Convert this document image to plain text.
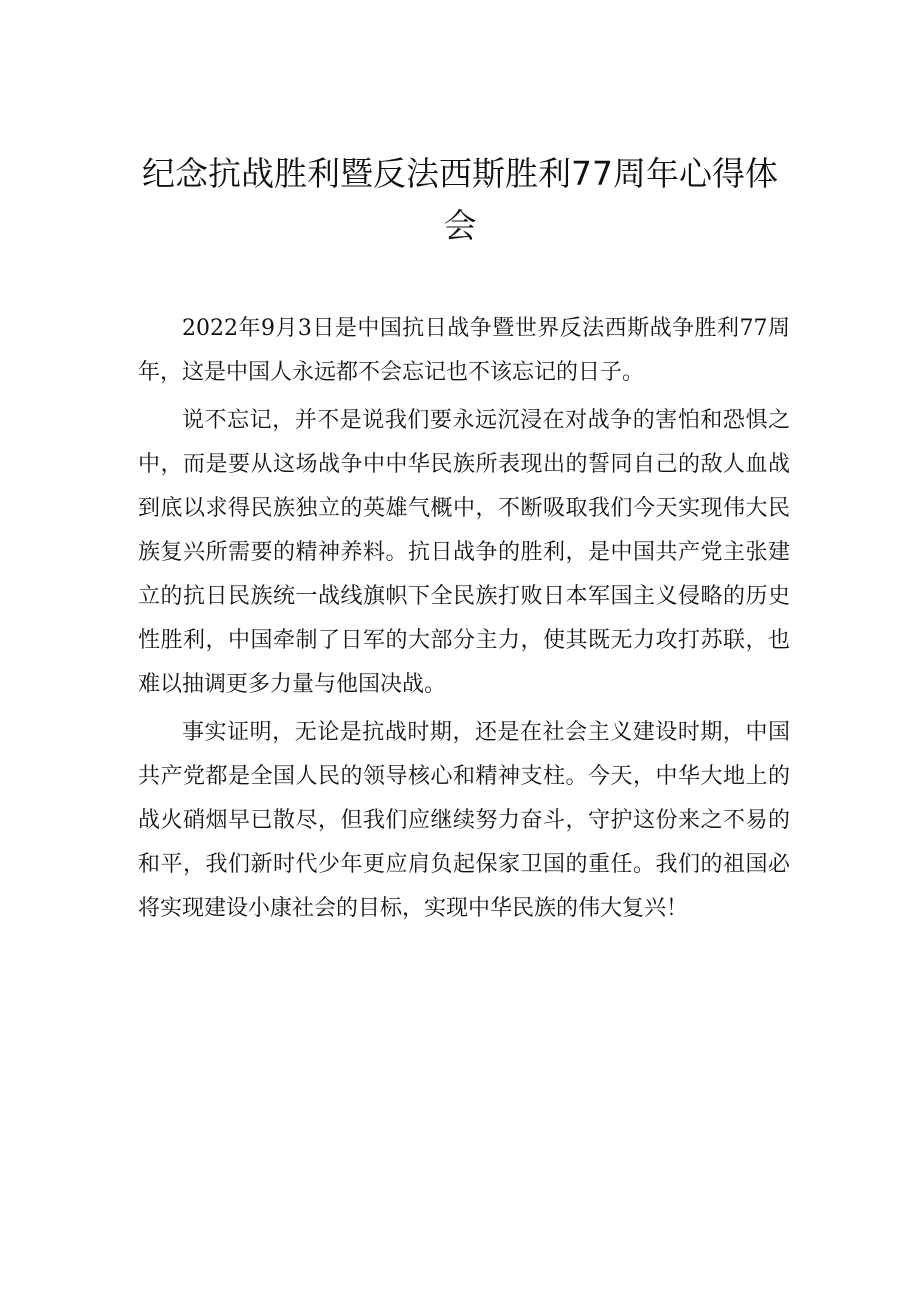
纪念抗战胜利暨反法西斯胜利77周年心得体会

2022年9月3日是中国抗日战争暨世界反法西斯战争胜利77周年，这是中国人永远都不会忘记也不该忘记的日子。

说不忘记，并不是说我们要永远沉浸在对战争的害怕和恐惧之中，而是要从这场战争中中华民族所表现出的誓同自己的敌人血战到底以求得民族独立的英雄气概中，不断吸取我们今天实现伟大民族复兴所需要的精神养料。抗日战争的胜利，是中国共产党主张建立的抗日民族统一战线旗帜下全民族打败日本军国主义侵略的历史性胜利，中国牵制了日军的大部分主力，使其既无力攻打苏联，也难以抽调更多力量与他国决战。

事实证明，无论是抗战时期，还是在社会主义建设时期，中国共产党都是全国人民的领导核心和精神支柱。今天，中华大地上的战火硝烟早已散尽，但我们应继续努力奋斗，守护这份来之不易的和平，我们新时代少年更应肩负起保家卫国的重任。我们的祖国必将实现建设小康社会的目标，实现中华民族的伟大复兴！
